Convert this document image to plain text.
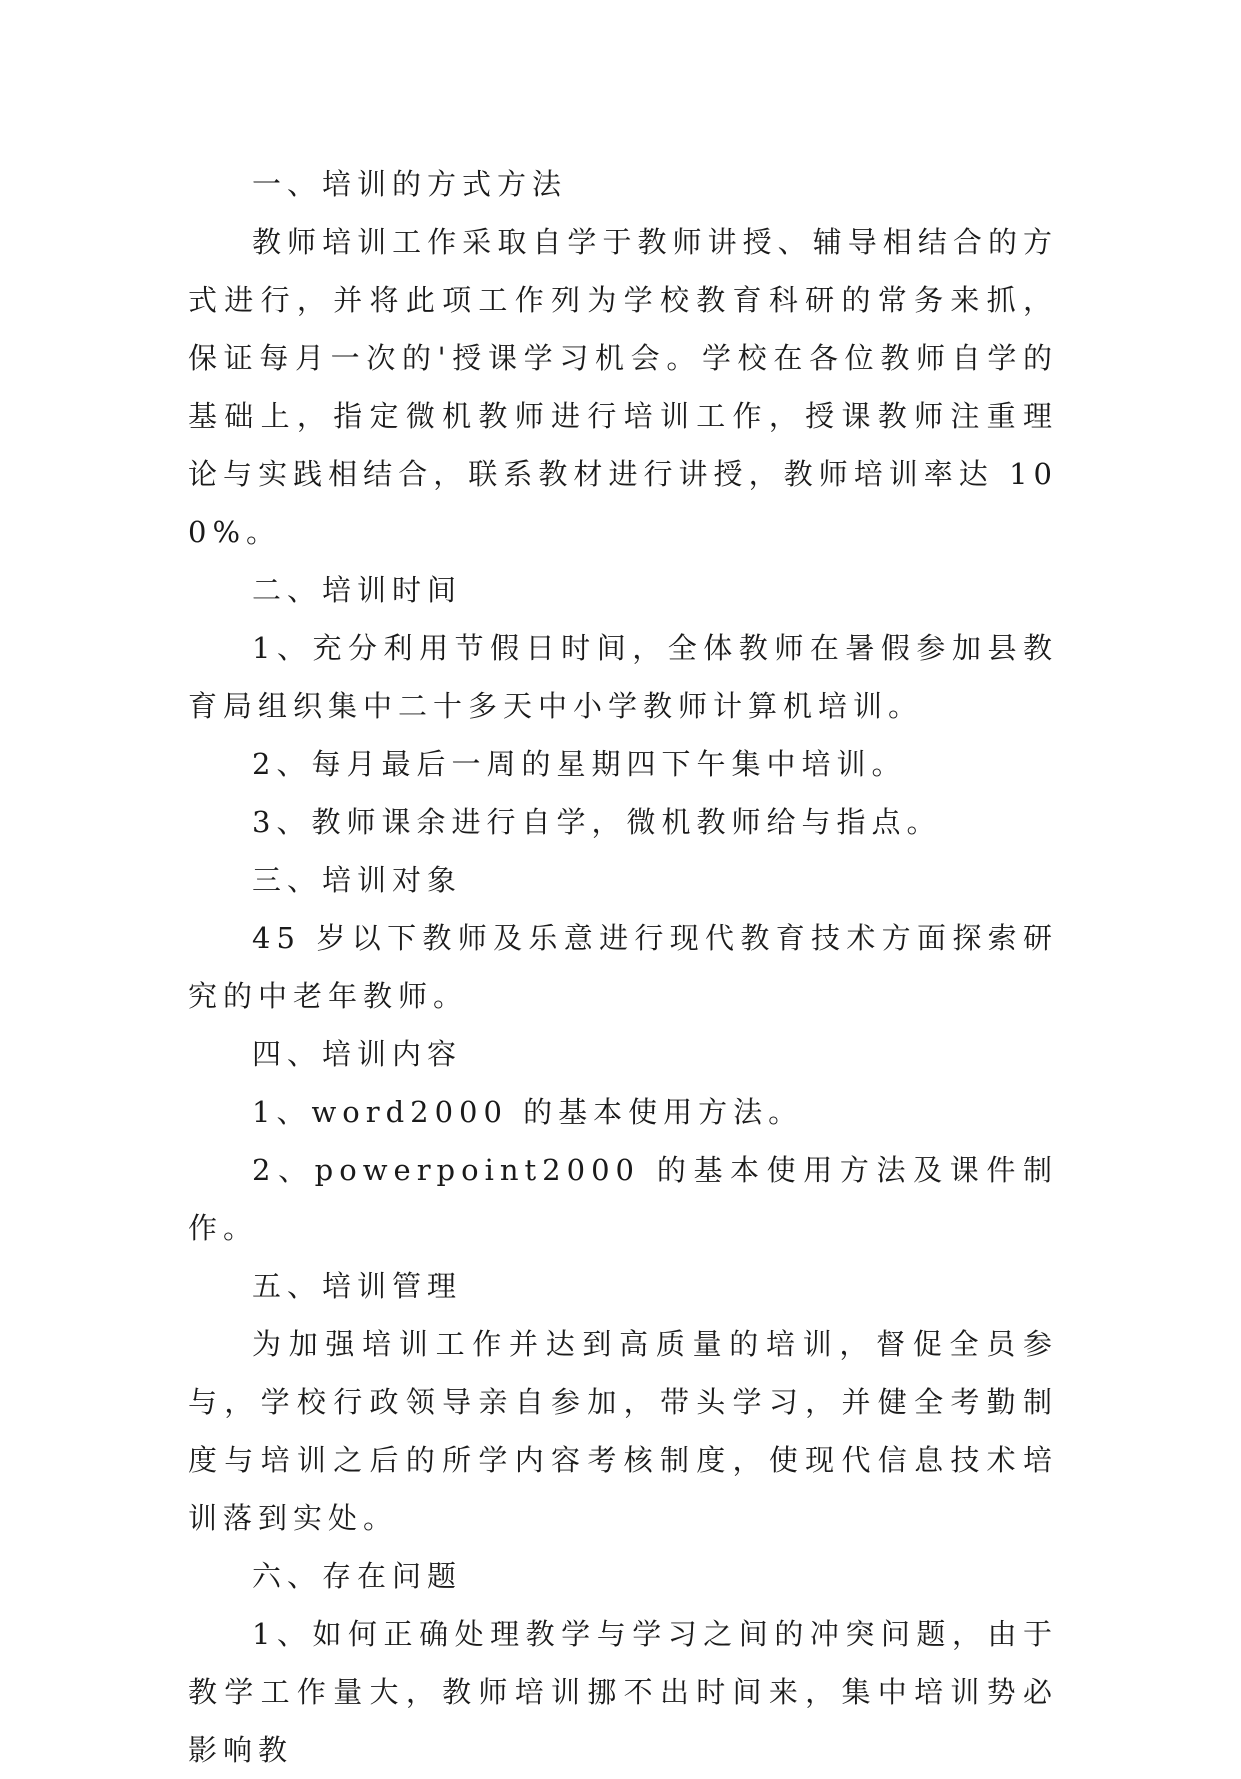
一、培训的方式方法

教师培训工作采取自学于教师讲授、辅导相结合的方式进行，并将此项工作列为学校教育科研的常务来抓，保证每月一次的'授课学习机会。学校在各位教师自学的基础上，指定微机教师进行培训工作，授课教师注重理论与实践相结合，联系教材进行讲授，教师培训率达 100%。

二、培训时间

1、充分利用节假日时间，全体教师在暑假参加县教育局组织集中二十多天中小学教师计算机培训。

2、每月最后一周的星期四下午集中培训。

3、教师课余进行自学，微机教师给与指点。

三、培训对象

45 岁以下教师及乐意进行现代教育技术方面探索研究的中老年教师。

四、培训内容

1、word2000 的基本使用方法。

2、powerpoint2000 的基本使用方法及课件制作。

五、培训管理

为加强培训工作并达到高质量的培训，督促全员参与，学校行政领导亲自参加，带头学习，并健全考勤制度与培训之后的所学内容考核制度，使现代信息技术培训落到实处。

六、存在问题

1、如何正确处理教学与学习之间的冲突问题，由于教学工作量大，教师培训挪不出时间来，集中培训势必影响教
